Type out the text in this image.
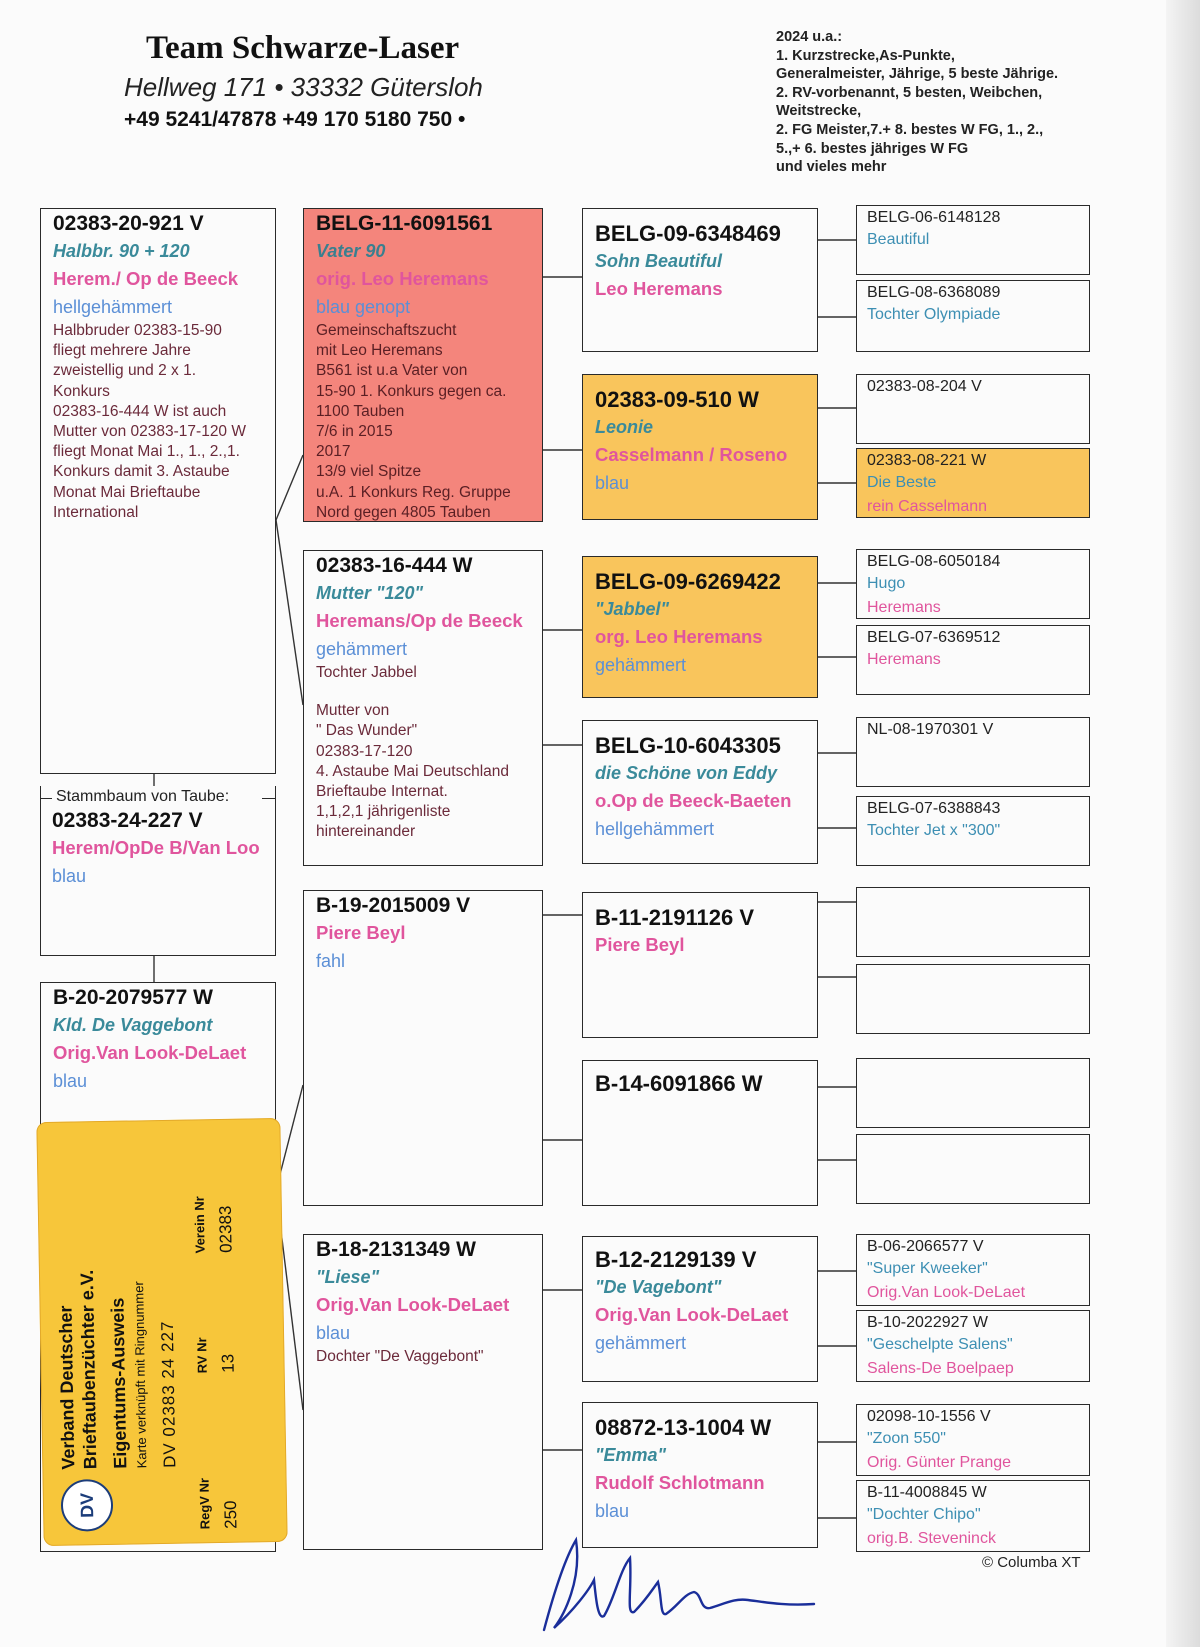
Team Schwarze-Laser
Hellweg 171 • 33332 Gütersloh
+49 5241/47878 +49 170 5180 750 •
2024 u.a.:
1. Kurzstrecke,As-Punkte,
Generalmeister, Jährige, 5 beste Jährige.
2. RV-vorbenannt, 5 besten, Weibchen,
Weitstrecke,
2. FG Meister,7.+ 8. bestes W FG, 1., 2.,
5.,+ 6. bestes jähriges W FG
und vieles mehr
02383-20-921 V
Halbbr. 90 + 120
Herem./ Op de Beeck
hellgehämmert
Halbbruder 02383-15-90
fliegt mehrere Jahre
zweistellig und 2 x 1.
Konkurs
02383-16-444 W ist auch
Mutter von 02383-17-120 W
fliegt Monat Mai 1., 1., 2.,1.
Konkurs damit 3. Astaube
Monat Mai Brieftaube
International
Stammbaum von Taube:
02383-24-227 V
Herem/OpDe B/Van Loo
blau
B-20-2079577 W
Kld. De Vaggebont
Orig.Van Look-DeLaet
blau
BELG-11-6091561
Vater 90
orig. Leo Heremans
blau genopt
Gemeinschaftszucht
mit Leo Heremans
B561 ist u.a Vater von
15-90 1. Konkurs gegen ca.
1100 Tauben
7/6 in 2015
2017
13/9 viel Spitze
u.A. 1 Konkurs Reg. Gruppe
Nord gegen 4805 Tauben
02383-16-444 W
Mutter "120"
Heremans/Op de Beeck
gehämmert
Tochter Jabbel
Mutter von
" Das Wunder"
02383-17-120
4. Astaube Mai Deutschland
Brieftaube Internat.
1,1,2,1 jährigenliste
hintereinander
B-19-2015009 V
Piere Beyl
fahl
B-18-2131349 W
"Liese"
Orig.Van Look-DeLaet
blau
Dochter "De Vaggebont"
BELG-09-6348469
Sohn Beautiful
Leo Heremans
02383-09-510 W
Leonie
Casselmann / Roseno
blau
BELG-09-6269422
"Jabbel"
org. Leo Heremans
gehämmert
BELG-10-6043305
die Schöne von Eddy
o.Op de Beeck-Baeten
hellgehämmert
B-11-2191126 V
Piere Beyl
B-14-6091866 W
B-12-2129139 V
"De Vagebont"
Orig.Van Look-DeLaet
gehämmert
08872-13-1004 W
"Emma"
Rudolf Schlotmann
blau
BELG-06-6148128
Beautiful
BELG-08-6368089
Tochter Olympiade
02383-08-204 V
02383-08-221 W
Die Beste
rein Casselmann
BELG-08-6050184
Hugo
Heremans
BELG-07-6369512
Heremans
NL-08-1970301 V
BELG-07-6388843
Tochter Jet x "300"
B-06-2066577 V
"Super Kweeker"
Orig.Van Look-DeLaet
B-10-2022927 W
"Geschelpte Salens"
Salens-De Boelpaep
02098-10-1556 V
"Zoon 550"
Orig. Günter Prange
B-11-4008845 W
"Dochter Chipo"
orig.B. Steveninck
DV
Verband Deutscher
Brieftaubenzüchter e.V. Eigentums-Ausweis Karte verknüpft mit Ringnummer DV 02383 24 227
RegV Nr 250
RV Nr 13
Verein Nr 02383
© Columba XT
